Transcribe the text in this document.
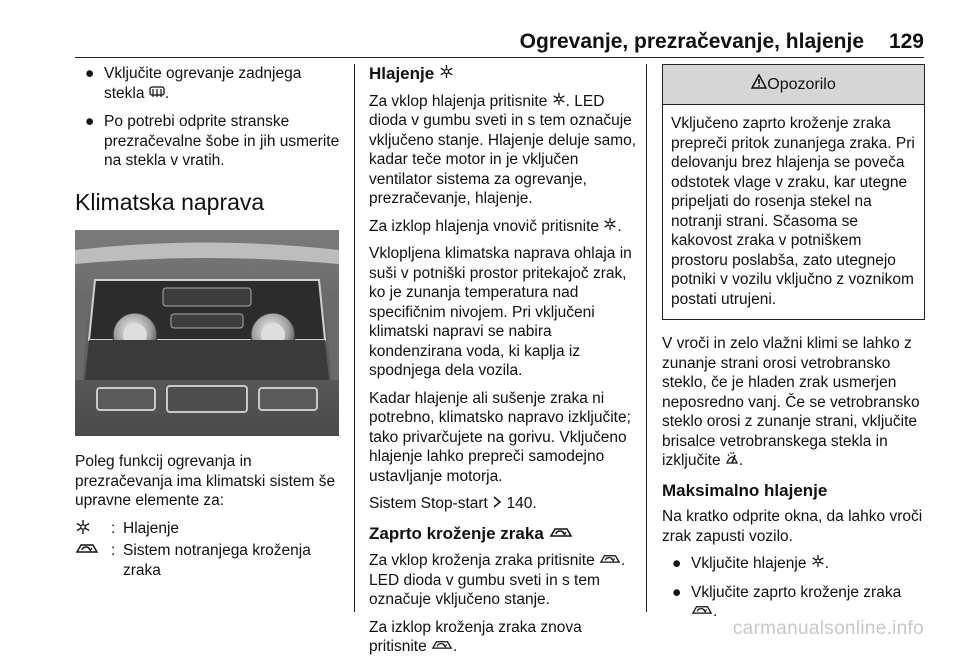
Ogrevanje, prezračevanje, hlajenje 129
● Vključite ogrevanje zadnjega stekla .
● Po potrebi odprite stranske prezračevalne šobe in jih usmerite na stekla v vratih.
Klimatska naprava

Poleg funkcij ogrevanja in prezračevanja ima klimatski sistem še upravne elemente za:

: Hlajenje
: Sistem notranjega kroženja zraka
Hlajenje

Za vklop hlajenja pritisnite . LED dioda v gumbu sveti in s tem označuje vključeno stanje. Hlajenje deluje samo, kadar teče motor in je vključen ventilator sistema za ogrevanje, prezračevanje, hlajenje.

Za izklop hlajenja vnovič pritisnite .

Vklopljena klimatska naprava ohlaja in suši v potniški prostor pritekajoč zrak, ko je zunanja temperatura nad specifičnim nivojem. Pri vključeni klimatski napravi se nabira kondenzirana voda, ki kaplja iz spodnjega dela vozila.

Kadar hlajenje ali sušenje zraka ni potrebno, klimatsko napravo izključite; tako privarčujete na gorivu. Vključeno hlajenje lahko prepreči samodejno ustavljanje motorja.

Sistem Stop-start 140.

Zaprto kroženje zraka

Za vklop kroženja zraka pritisnite . LED dioda v gumbu sveti in s tem označuje vključeno stanje.

Za izklop kroženja zraka znova pritisnite .

Opozorilo
Vključeno zaprto kroženje zraka prepreči pritok zunanjega zraka. Pri delovanju brez hlajenja se poveča odstotek vlage v zraku, kar utegne pripeljati do rosenja stekel na notranji strani. Sčasoma se kakovost zraka v potniškem prostoru poslabša, zato utegnejo potniki v vozilu vključno z voznikom postati utrujeni.

V vroči in zelo vlažni klimi se lahko z zunanje strani orosi vetrobransko steklo, če je hladen zrak usmerjen neposredno vanj. Če se vetrobransko steklo orosi z zunanje strani, vključite brisalce vetrobranskega stekla in izključite .

Maksimalno hlajenje

Na kratko odprite okna, da lahko vroči zrak zapusti vozilo.

● Vključite hlajenje .
● Vključite zaprto kroženje zraka .
carmanualsonline.info
